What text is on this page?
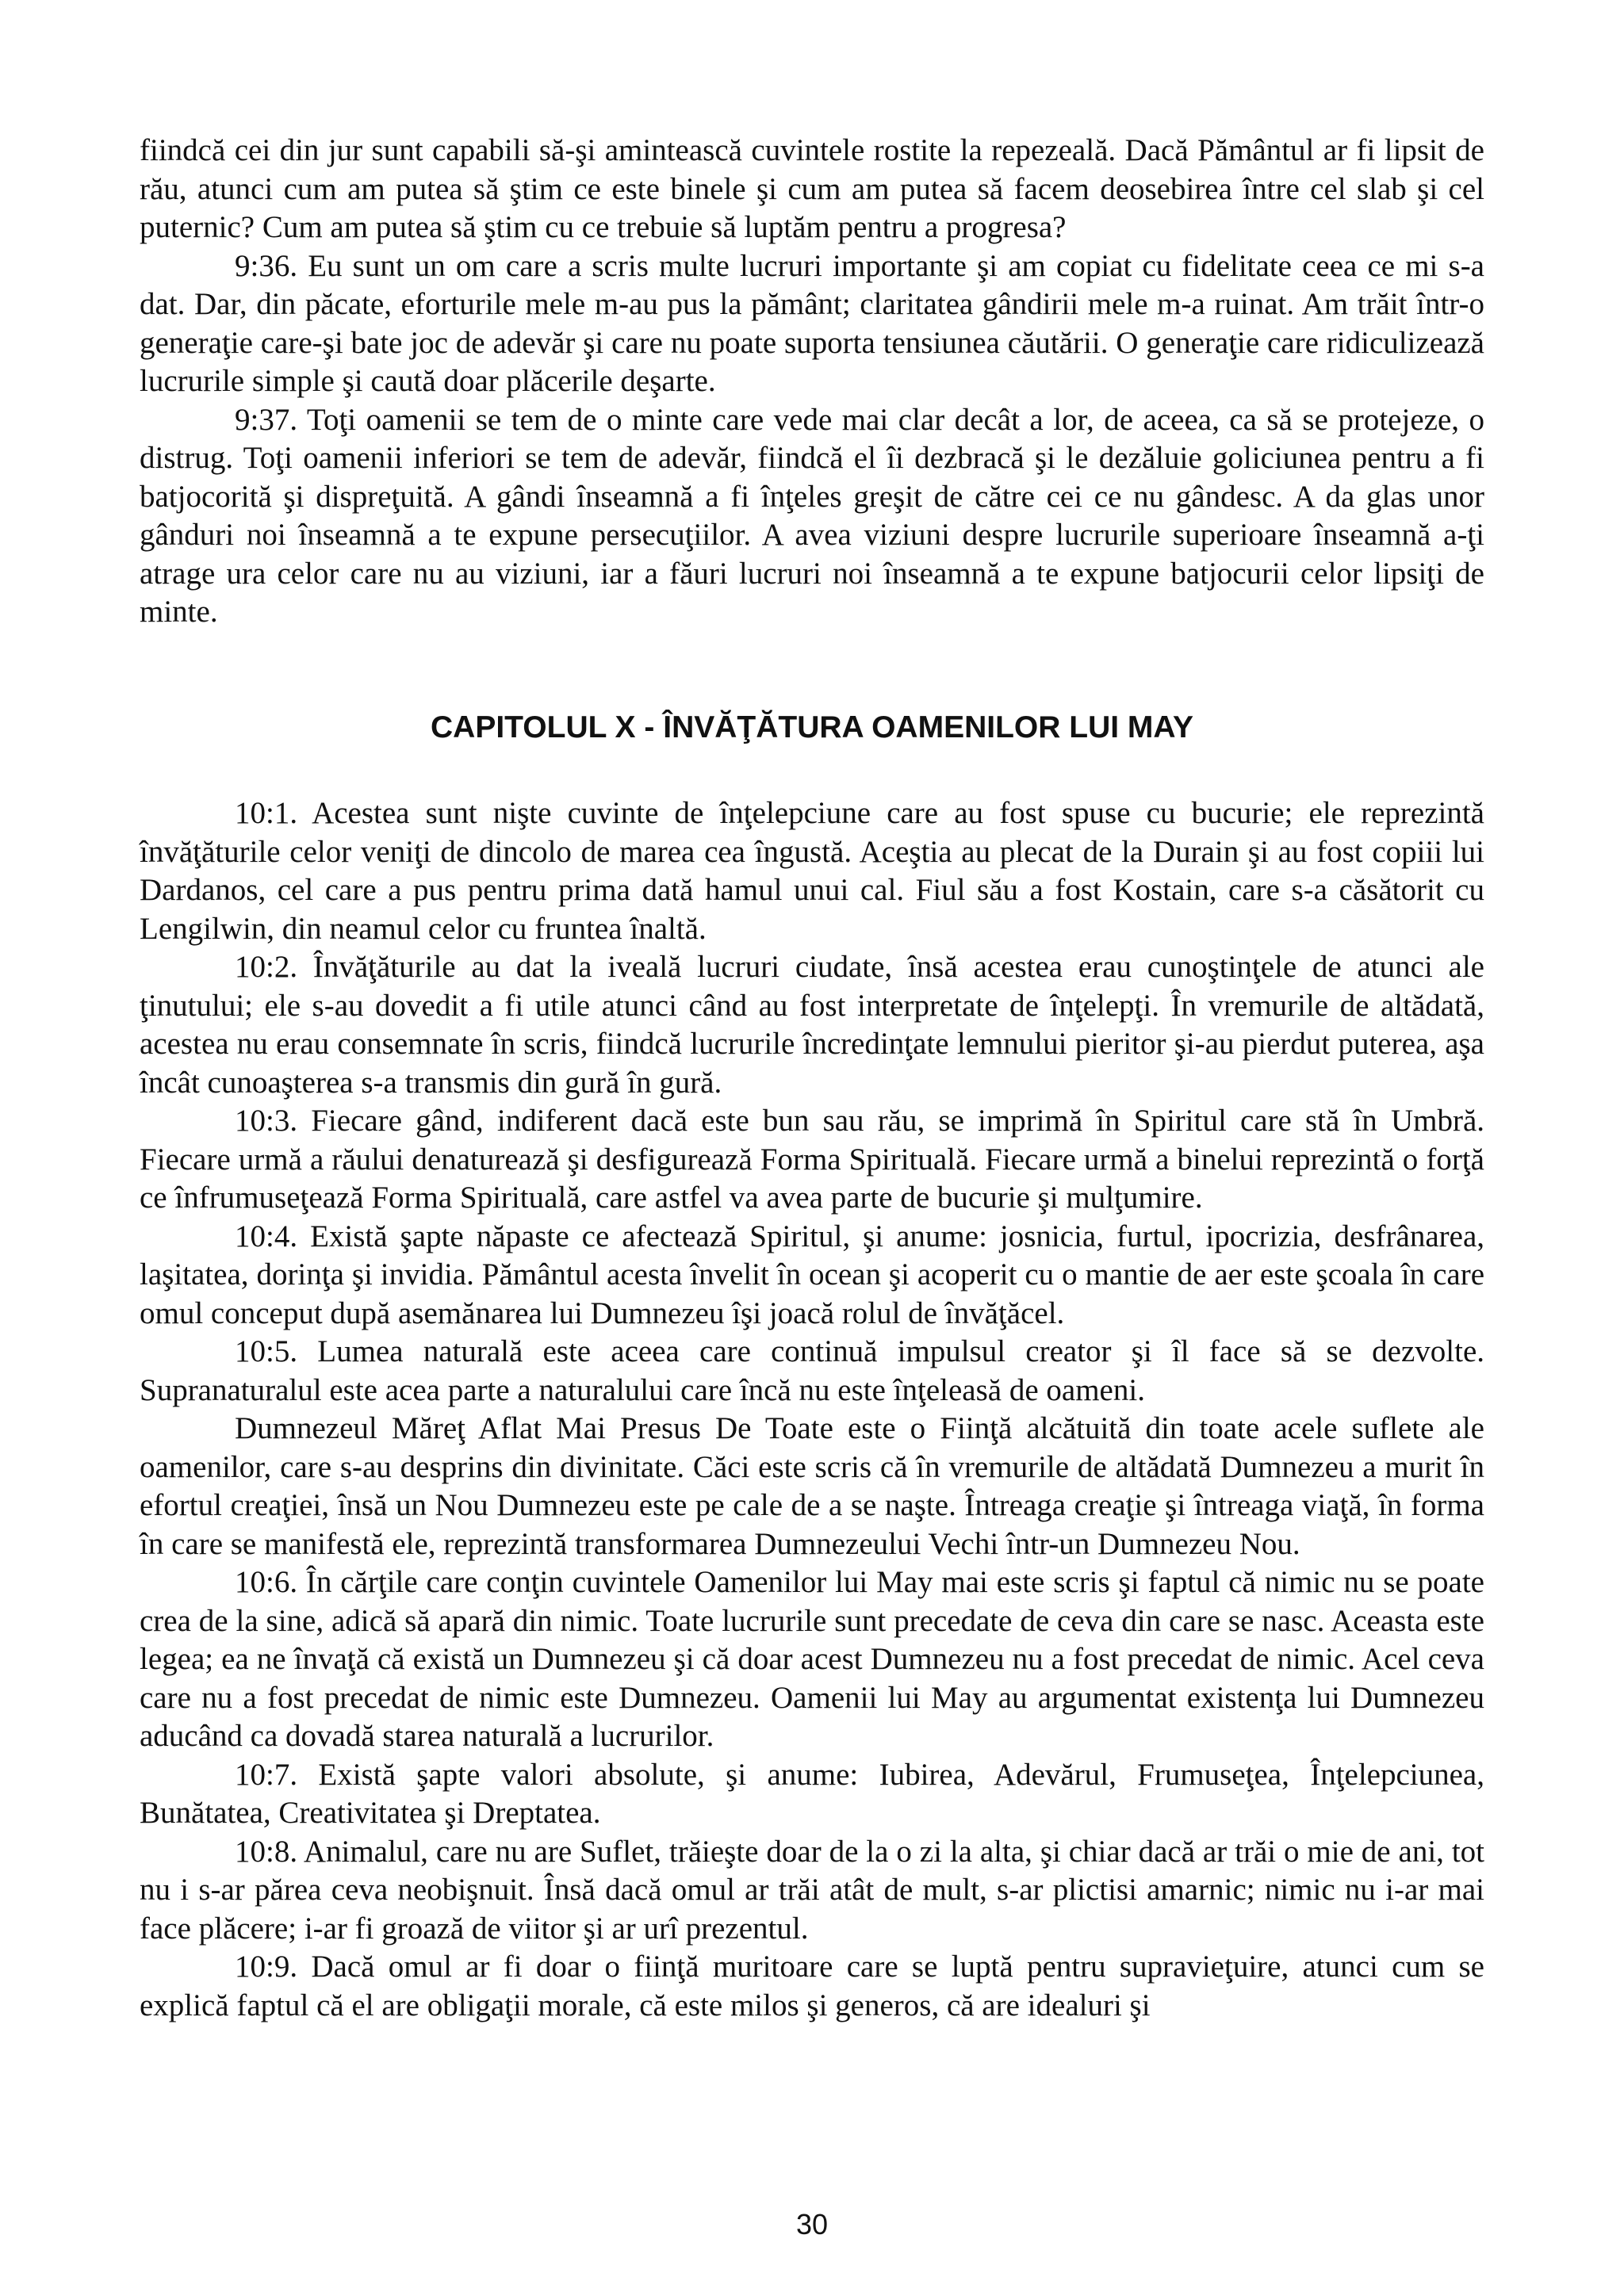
fiindcă cei din jur sunt capabili să-şi amintească cuvintele rostite la repezeală. Dacă Pământul ar fi lipsit de rău, atunci cum am putea să ştim ce este binele şi cum am putea să facem deosebirea între cel slab şi cel puternic? Cum am putea să ştim cu ce trebuie să luptăm pentru a progresa?

9:36. Eu sunt un om care a scris multe lucruri importante şi am copiat cu fidelitate ceea ce mi s-a dat. Dar, din păcate, eforturile mele m-au pus la pământ; claritatea gândirii mele m-a ruinat. Am trăit într-o generaţie care-şi bate joc de adevăr şi care nu poate suporta tensiunea căutării. O generaţie care ridiculizează lucrurile simple şi caută doar plăcerile deşarte.

9:37. Toţi oamenii se tem de o minte care vede mai clar decât a lor, de aceea, ca să se protejeze, o distrug. Toţi oamenii inferiori se tem de adevăr, fiindcă el îi dezbracă şi le dezăluie goliciunea pentru a fi batjocorită şi dispreţuită. A gândi înseamnă a fi înţeles greşit de către cei ce nu gândesc. A da glas unor gânduri noi înseamnă a te expune persecuţiilor. A avea viziuni despre lucrurile superioare înseamnă a-ţi atrage ura celor care nu au viziuni, iar a făuri lucruri noi înseamnă a te expune batjocurii celor lipsiţi de minte.

CAPITOLUL X - ÎNVĂŢĂTURA OAMENILOR LUI MAY

10:1. Acestea sunt nişte cuvinte de înţelepciune care au fost spuse cu bucurie; ele reprezintă învăţăturile celor veniţi de dincolo de marea cea îngustă. Aceştia au plecat de la Durain şi au fost copiii lui Dardanos, cel care a pus pentru prima dată hamul unui cal. Fiul său a fost Kostain, care s-a căsătorit cu Lengilwin, din neamul celor cu fruntea înaltă.

10:2. Învăţăturile au dat la iveală lucruri ciudate, însă acestea erau cunoştinţele de atunci ale ţinutului; ele s-au dovedit a fi utile atunci când au fost interpretate de înţelepţi. În vremurile de altădată, acestea nu erau consemnate în scris, fiindcă lucrurile încredinţate lemnului pieritor şi-au pierdut puterea, aşa încât cunoaşterea s-a transmis din gură în gură.

10:3. Fiecare gând, indiferent dacă este bun sau rău, se imprimă în Spiritul care stă în Umbră. Fiecare urmă a răului denaturează şi desfigurează Forma Spirituală. Fiecare urmă a binelui reprezintă o forţă ce înfrumuseţează Forma Spirituală, care astfel va avea parte de bucurie şi mulţumire.

10:4. Există şapte năpaste ce afectează Spiritul, şi anume: josnicia, furtul, ipocrizia, desfrânarea, laşitatea, dorinţa şi invidia. Pământul acesta învelit în ocean şi acoperit cu o mantie de aer este şcoala în care omul conceput după asemănarea lui Dumnezeu îşi joacă rolul de învăţăcel.

10:5. Lumea naturală este aceea care continuă impulsul creator şi îl face să se dezvolte. Supranaturalul este acea parte a naturalului care încă nu este înţeleasă de oameni.

Dumnezeul Măreţ Aflat Mai Presus De Toate este o Fiinţă alcătuită din toate acele suflete ale oamenilor, care s-au desprins din divinitate. Căci este scris că în vremurile de altădată Dumnezeu a murit în efortul creaţiei, însă un Nou Dumnezeu este pe cale de a se naşte. Întreaga creaţie şi întreaga viaţă, în forma în care se manifestă ele, reprezintă transformarea Dumnezeului Vechi într-un Dumnezeu Nou.

10:6. În cărţile care conţin cuvintele Oamenilor lui May mai este scris şi faptul că nimic nu se poate crea de la sine, adică să apară din nimic. Toate lucrurile sunt precedate de ceva din care se nasc. Aceasta este legea; ea ne învaţă că există un Dumnezeu şi că doar acest Dumnezeu nu a fost precedat de nimic. Acel ceva care nu a fost precedat de nimic este Dumnezeu. Oamenii lui May au argumentat existenţa lui Dumnezeu aducând ca dovadă starea naturală a lucrurilor.

10:7. Există şapte valori absolute, şi anume: Iubirea, Adevărul, Frumuseţea, Înţelepciunea, Bunătatea, Creativitatea şi Dreptatea.

10:8. Animalul, care nu are Suflet, trăieşte doar de la o zi la alta, şi chiar dacă ar trăi o mie de ani, tot nu i s-ar părea ceva neobişnuit. Însă dacă omul ar trăi atât de mult, s-ar plictisi amarnic; nimic nu i-ar mai face plăcere; i-ar fi groază de viitor şi ar urî prezentul.

10:9. Dacă omul ar fi doar o fiinţă muritoare care se luptă pentru supravieţuire, atunci cum se explică faptul că el are obligaţii morale, că este milos şi generos, că are idealuri şi

30
